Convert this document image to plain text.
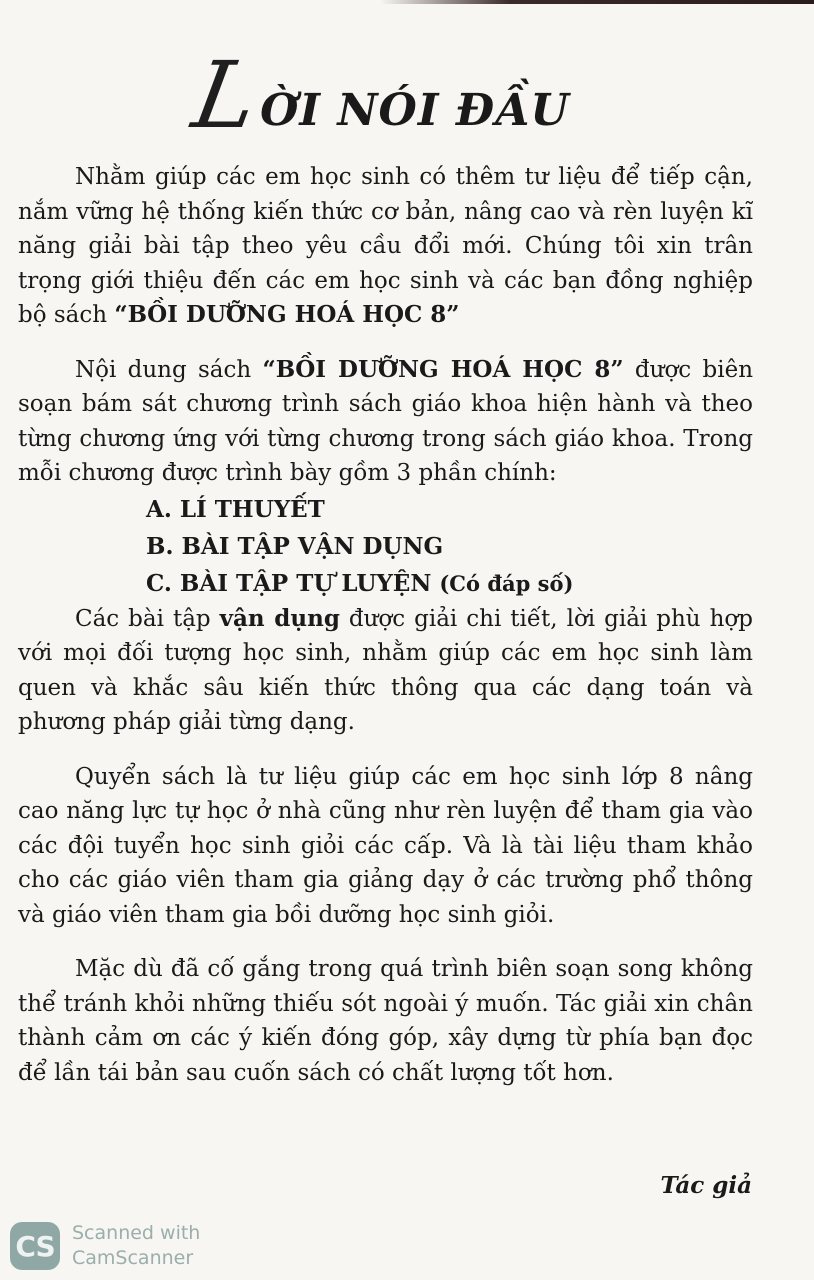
L
ỜI NÓI ĐẦU

Nhằm giúp các em học sinh có thêm tư liệu để tiếp cận, nắm vững hệ thống kiến thức cơ bản, nâng cao và rèn luyện kĩ năng giải bài tập theo yêu cầu đổi mới. Chúng tôi xin trân trọng giới thiệu đến các em học sinh và các bạn đồng nghiệp bộ sách “BỒI DƯỠNG HOÁ HỌC 8”

Nội dung sách “BỒI DƯỠNG HOÁ HỌC 8” được biên soạn bám sát chương trình sách giáo khoa hiện hành và theo từng chương ứng với từng chương trong sách giáo khoa. Trong mỗi chương được trình bày gồm 3 phần chính:

A. LÍ THUYẾT
B. BÀI TẬP VẬN DỤNG
C. BÀI TẬP TỰ LUYỆN (Có đáp số)

Các bài tập vận dụng được giải chi tiết, lời giải phù hợp với mọi đối tượng học sinh, nhằm giúp các em học sinh làm quen và khắc sâu kiến thức thông qua các dạng toán và phương pháp giải từng dạng.

Quyển sách là tư liệu giúp các em học sinh lớp 8 nâng cao năng lực tự học ở nhà cũng như rèn luyện để tham gia vào các đội tuyển học sinh giỏi các cấp. Và là tài liệu tham khảo cho các giáo viên tham gia giảng dạy ở các trường phổ thông và giáo viên tham gia bồi dưỡng học sinh giỏi.

Mặc dù đã cố gắng trong quá trình biên soạn song không thể tránh khỏi những thiếu sót ngoài ý muốn. Tác giải xin chân thành cảm ơn các ý kiến đóng góp, xây dựng từ phía bạn đọc để lần tái bản sau cuốn sách có chất lượng tốt hơn.

Tác giả
CS Scanned with
CamScanner
